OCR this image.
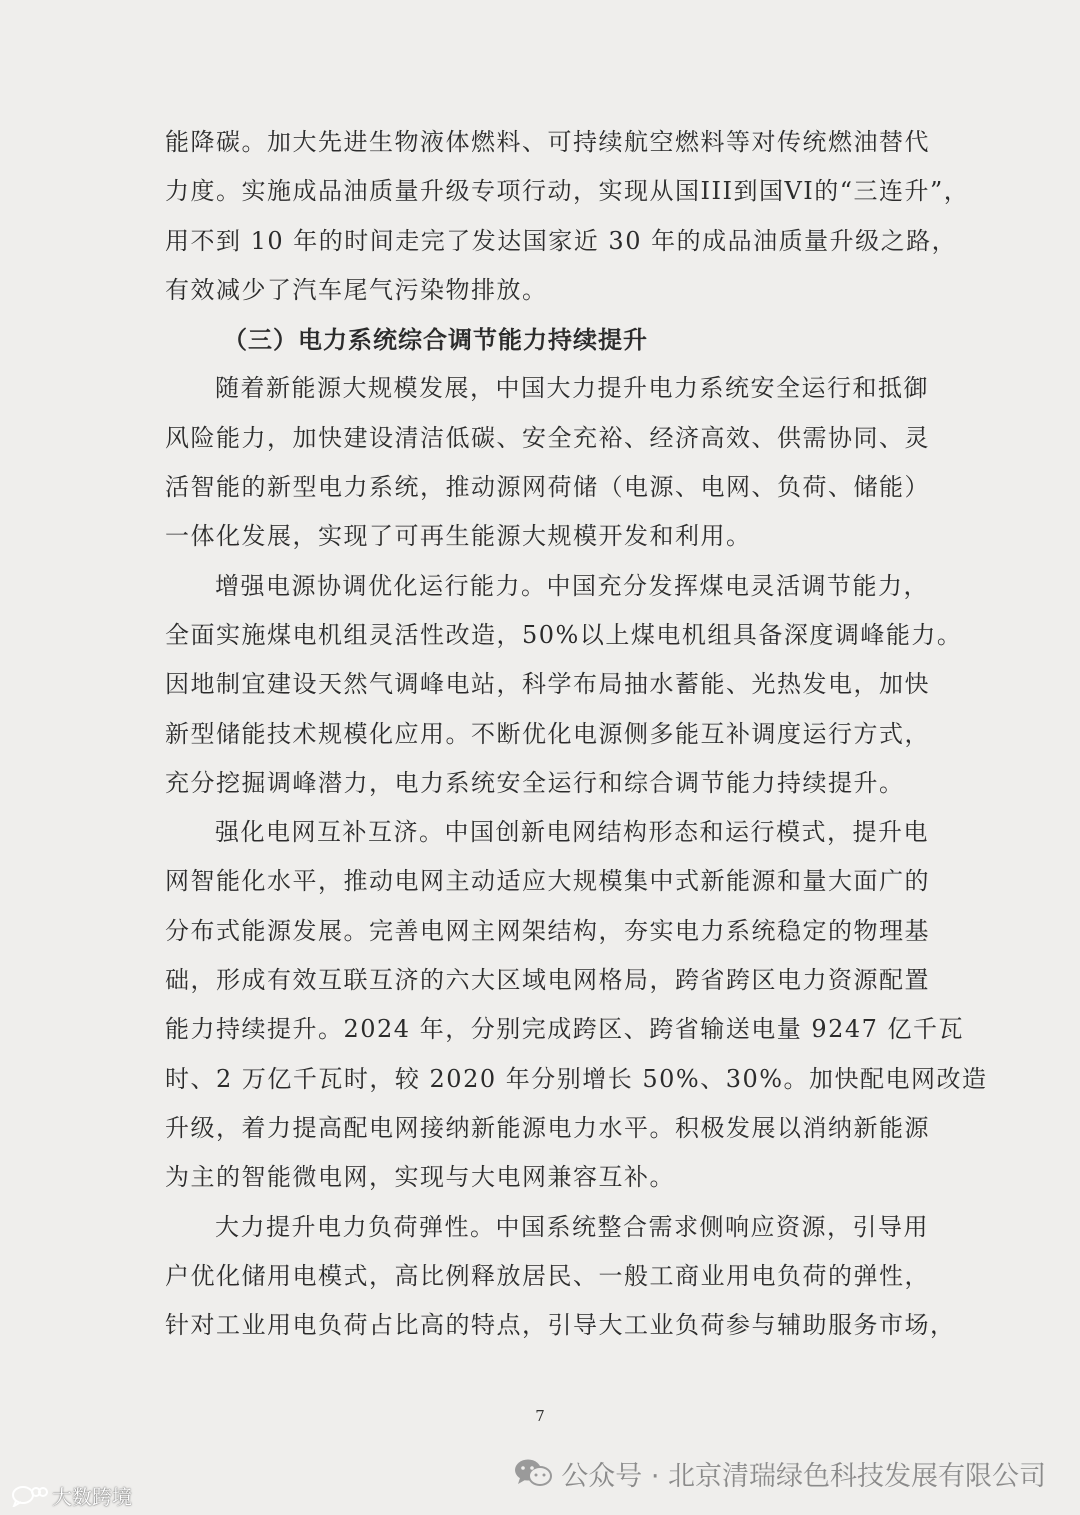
能降碳。加大先进生物液体燃料、可持续航空燃料等对传统燃油替代
力度。实施成品油质量升级专项行动，实现从国III到国VI的“三连升”，
用不到 10 年的时间走完了发达国家近 30 年的成品油质量升级之路，
有效减少了汽车尾气污染物排放。
（三）电力系统综合调节能力持续提升
随着新能源大规模发展，中国大力提升电力系统安全运行和抵御
风险能力，加快建设清洁低碳、安全充裕、经济高效、供需协同、灵
活智能的新型电力系统，推动源网荷储（电源、电网、负荷、储能）
一体化发展，实现了可再生能源大规模开发和利用。
增强电源协调优化运行能力。中国充分发挥煤电灵活调节能力，
全面实施煤电机组灵活性改造，50%以上煤电机组具备深度调峰能力。
因地制宜建设天然气调峰电站，科学布局抽水蓄能、光热发电，加快
新型储能技术规模化应用。不断优化电源侧多能互补调度运行方式，
充分挖掘调峰潜力，电力系统安全运行和综合调节能力持续提升。
强化电网互补互济。中国创新电网结构形态和运行模式，提升电
网智能化水平，推动电网主动适应大规模集中式新能源和量大面广的
分布式能源发展。完善电网主网架结构，夯实电力系统稳定的物理基
础，形成有效互联互济的六大区域电网格局，跨省跨区电力资源配置
能力持续提升。2024 年，分别完成跨区、跨省输送电量 9247 亿千瓦
时、2 万亿千瓦时，较 2020 年分别增长 50%、30%。加快配电网改造
升级，着力提高配电网接纳新能源电力水平。积极发展以消纳新能源
为主的智能微电网，实现与大电网兼容互补。
大力提升电力负荷弹性。中国系统整合需求侧响应资源，引导用
户优化储用电模式，高比例释放居民、一般工商业用电负荷的弹性，
针对工业用电负荷占比高的特点，引导大工业负荷参与辅助服务市场，
7
大数跨境
公众号 · 北京清瑞绿色科技发展有限公司
